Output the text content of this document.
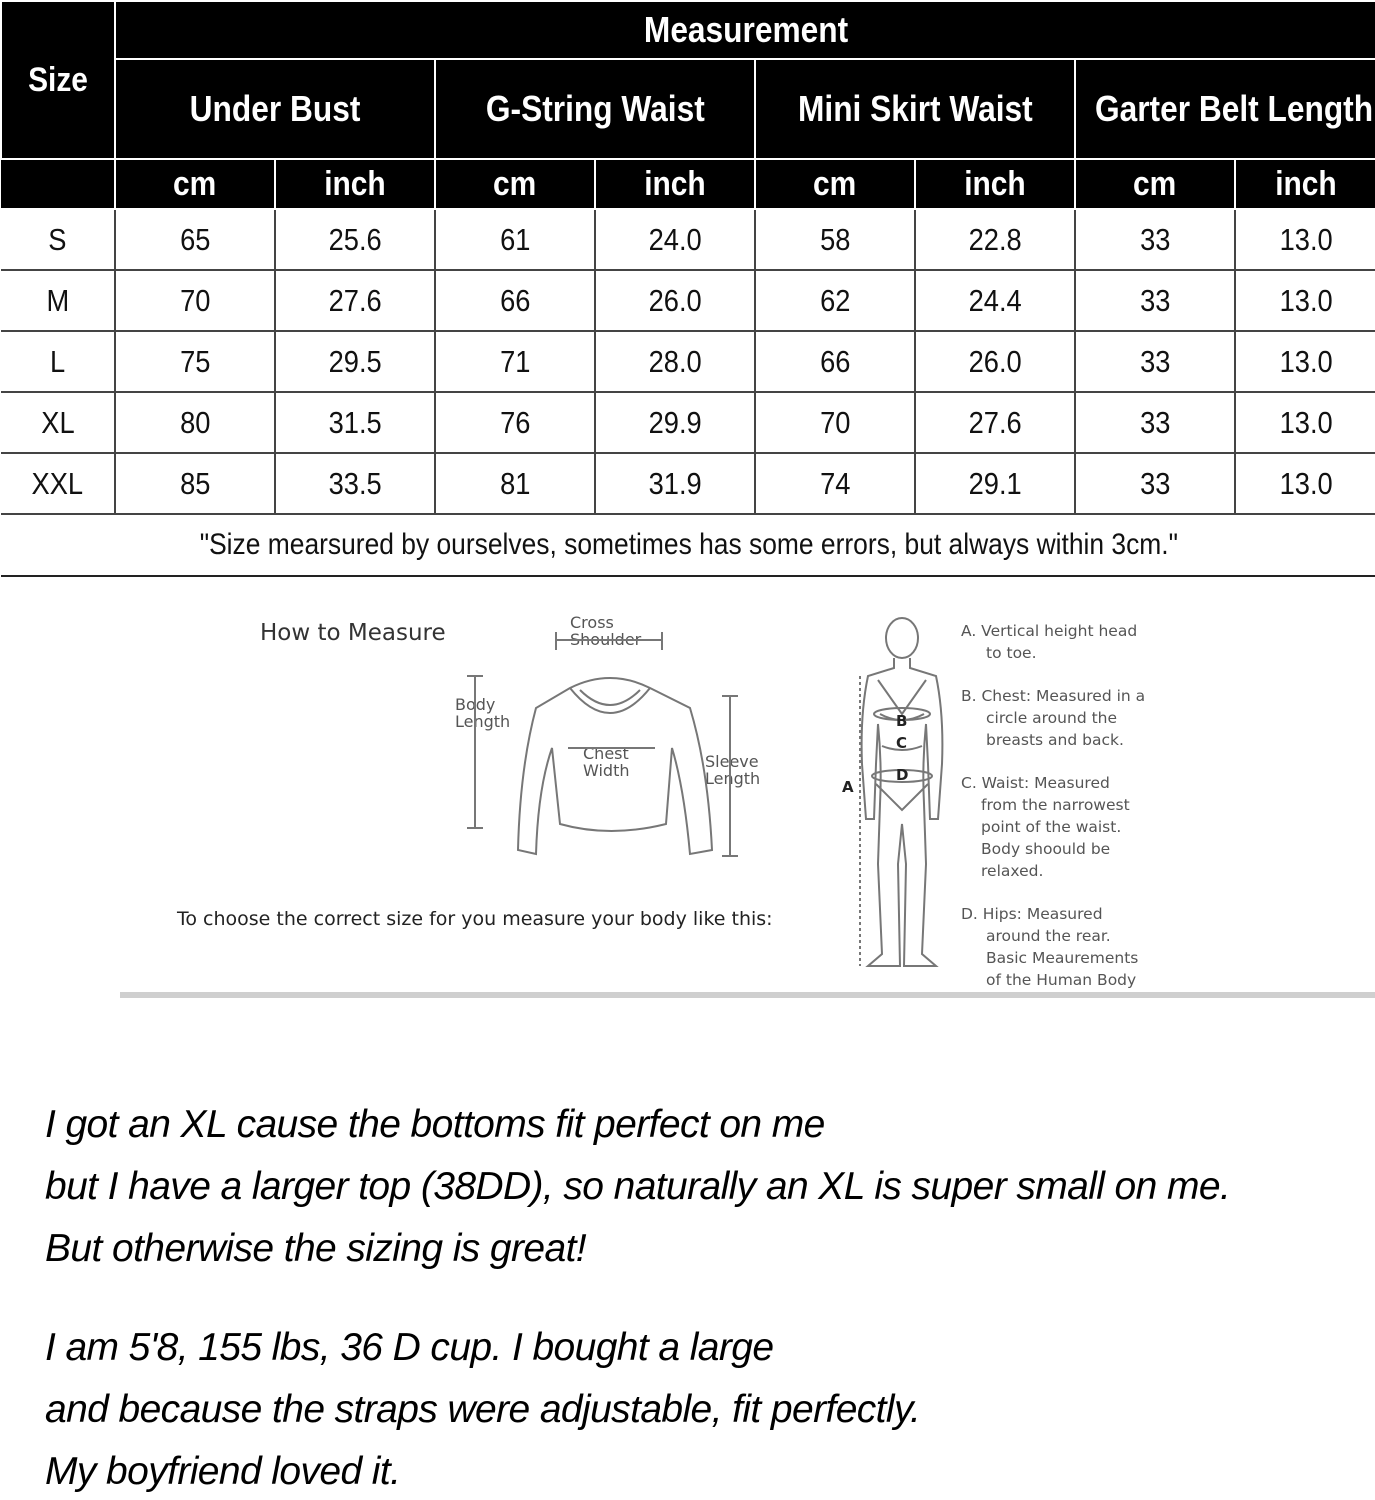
Size	Measurement							
	Under Bust		G-String Waist		Mini Skirt Waist		Garter Belt Length	
	cm	inch	cm	inch	cm	inch	cm	inch
S	65	25.6	61	24.0	58	22.8	33	13.0
M	70	27.6	66	26.0	62	24.4	33	13.0
L	75	29.5	71	28.0	66	26.0	33	13.0
XL	80	31.5	76	29.9	70	27.6	33	13.0
XXL	85	33.5	81	31.9	74	29.1	33	13.0
"Size mearsured by ourselves, sometimes has some errors, but always within 3cm."								
How to Measure	Cross
Shoulder
Body
Length
Chest
Width	Sleeve
Length
B
C
D
A
A. Vertical height head
to toe.
B. Chest: Measured in a
circle around the
breasts and back.
C. Waist: Measured
from the narrowest
point of the waist.
Body shoould be
relaxed.
D. Hips: Measured
around the rear.
Basic Meaurements
of the Human Body
To choose the correct size for you measure your body like this:

I got an XL cause the bottoms fit perfect on me

but I have a larger top (38DD), so naturally an XL is super small on me.

But otherwise the sizing is great!

I am 5'8, 155 lbs, 36 D cup. I bought a large

and because the straps were adjustable, fit perfectly.

My boyfriend loved it.
